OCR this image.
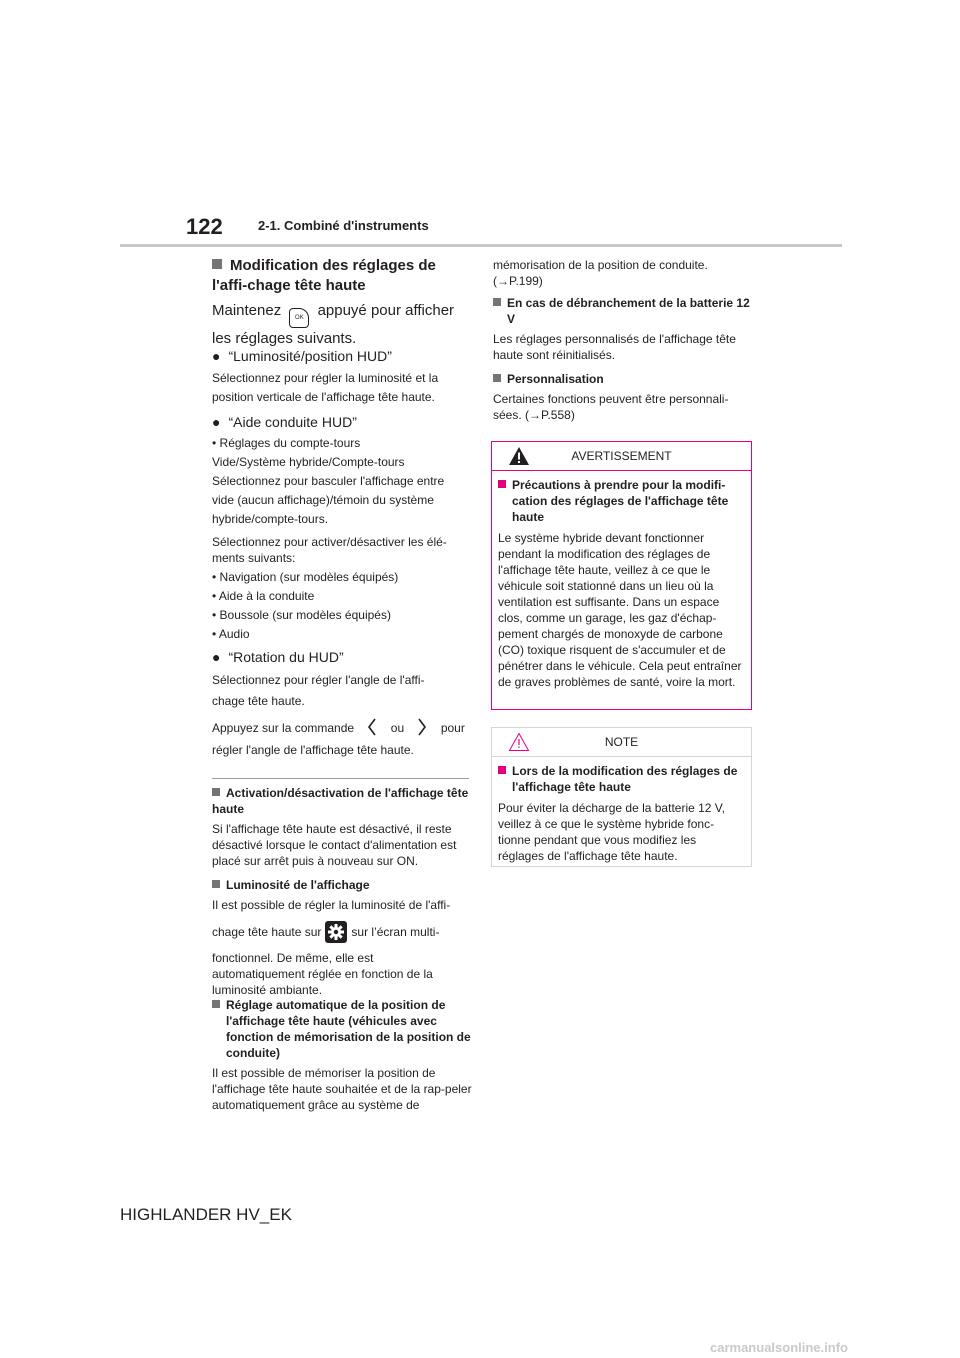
122	2-1. Combiné d'instruments
Modification des réglages de l'affi-chage tête haute
Maintenez OK appuyé pour afficher les réglages suivants.
● “Luminosité/position HUD”
Sélectionnez pour régler la luminosité et la position verticale de l'affichage tête haute.
● “Aide conduite HUD”
• Réglages du compte-tours
Vide/Système hybride/Compte-tours
Sélectionnez pour basculer l'affichage entre vide (aucun affichage)/témoin du système hybride/compte-tours.
Sélectionnez pour activer/désactiver les élé-ments suivants:
• Navigation (sur modèles équipés)
• Aide à la conduite
• Boussole (sur modèles équipés)
• Audio
● “Rotation du HUD”
Sélectionnez pour régler l'angle de l'affi-chage tête haute.
Appuyez sur la commande	ou	pour
régler l'angle de l'affichage tête haute.
Activation/désactivation de l'affichage tête haute
Si l'affichage tête haute est désactivé, il reste désactivé lorsque le contact d'alimentation est placé sur arrêt puis à nouveau sur ON.
Luminosité de l'affichage
Il est possible de régler la luminosité de l'affi-
chage tête haute sur	sur l’écran multi-
fonctionnel. De même, elle est automatiquement réglée en fonction de la luminosité ambiante.
Réglage automatique de la position de l'affichage tête haute (véhicules avec fonction de mémorisation de la position de conduite)
Il est possible de mémoriser la position de l'affichage tête haute souhaitée et de la rap-peler automatiquement grâce au système de
mémorisation de la position de conduite. (→P.199)
En cas de débranchement de la batterie 12 V
Les réglages personnalisés de l'affichage tête haute sont réinitialisés.
Personnalisation
Certaines fonctions peuvent être personnali-sées. (→P.558)
AVERTISSEMENT
Précautions à prendre pour la modifi-cation des réglages de l'affichage tête haute
Le système hybride devant fonctionner pendant la modification des réglages de l'affichage tête haute, veillez à ce que le véhicule soit stationné dans un lieu où la ventilation est suffisante. Dans un espace clos, comme un garage, les gaz d'échap-pement chargés de monoxyde de carbone (CO) toxique risquent de s'accumuler et de pénétrer dans le véhicule. Cela peut entraîner de graves problèmes de santé, voire la mort.
NOTE
Lors de la modification des réglages de l'affichage tête haute
Pour éviter la décharge de la batterie 12 V, veillez à ce que le système hybride fonc-tionne pendant que vous modifiez les réglages de l'affichage tête haute.
HIGHLANDER HV_EK
carmanualsonline.info
